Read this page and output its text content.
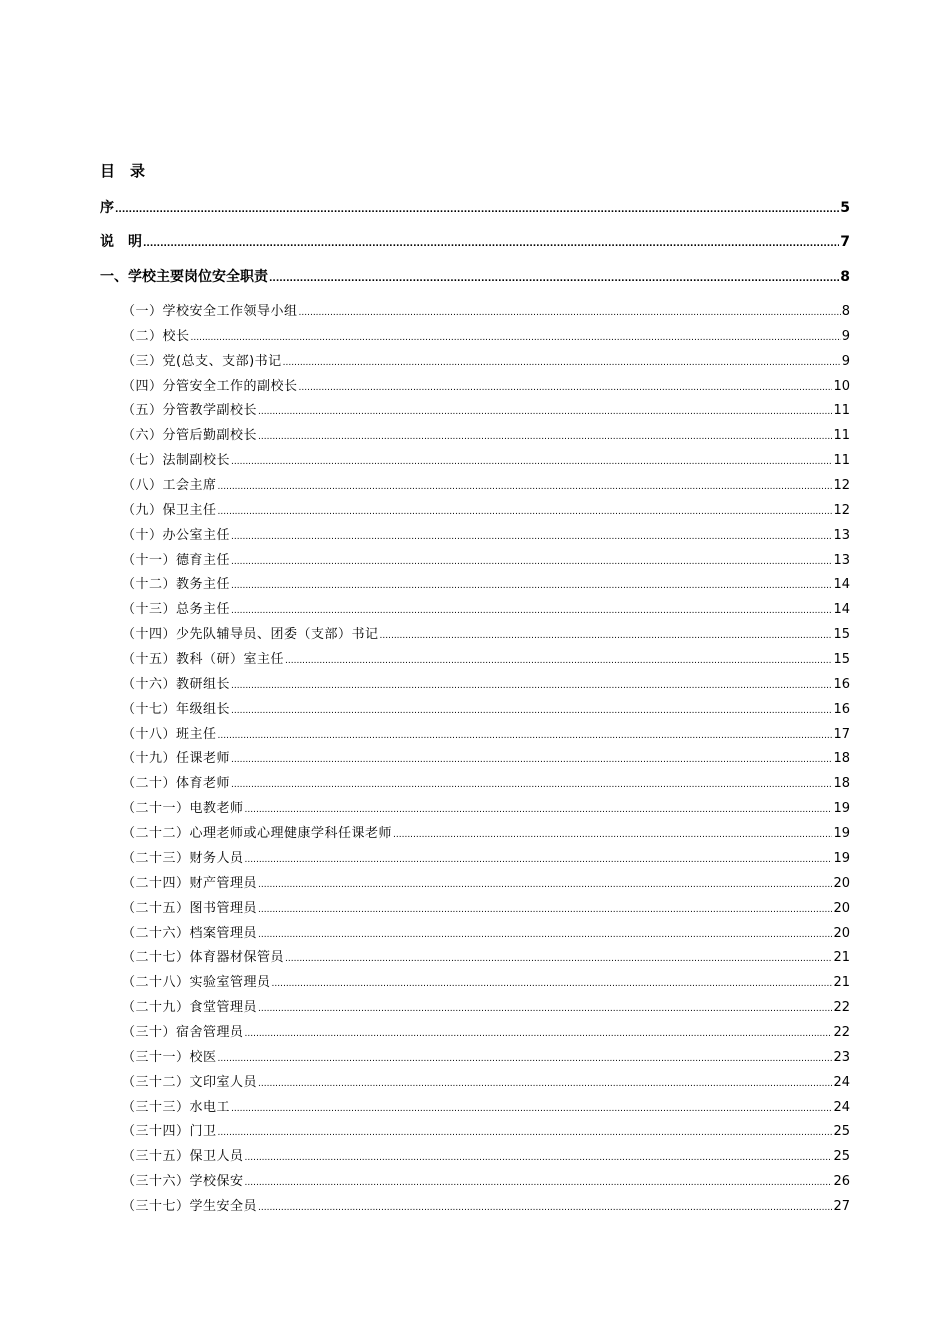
目　录
序 .....	5
说　明 .....	7
一、学校主要岗位安全职责 .....	8
（一）学校安全工作领导小组 .....	8
（二）校长 .....	9
（三）党(总支、支部)书记 .....	9
（四）分管安全工作的副校长 .....	10
（五）分管教学副校长 .....	11
（六）分管后勤副校长 .....	11
（七）法制副校长 .....	11
（八）工会主席 .....	12
（九）保卫主任 .....	12
（十）办公室主任 .....	13
（十一）德育主任 .....	13
（十二）教务主任 .....	14
（十三）总务主任 .....	14
（十四）少先队辅导员、团委（支部）书记 .....	15
（十五）教科（研）室主任 .....	15
（十六）教研组长 .....	16
（十七）年级组长 .....	16
（十八）班主任 .....	17
（十九）任课老师 .....	18
（二十）体育老师 .....	18
（二十一）电教老师 .....	19
（二十二）心理老师或心理健康学科任课老师 .....	19
（二十三）财务人员 .....	19
（二十四）财产管理员 .....	20
（二十五）图书管理员 .....	20
（二十六）档案管理员 .....	20
（二十七）体育器材保管员 .....	21
（二十八）实验室管理员 .....	21
（二十九）食堂管理员 .....	22
（三十）宿舍管理员 .....	22
（三十一）校医 .....	23
（三十二）文印室人员 .....	24
（三十三）水电工 .....	24
（三十四）门卫 .....	25
（三十五）保卫人员 .....	25
（三十六）学校保安 .....	26
（三十七）学生安全员 .....	27
